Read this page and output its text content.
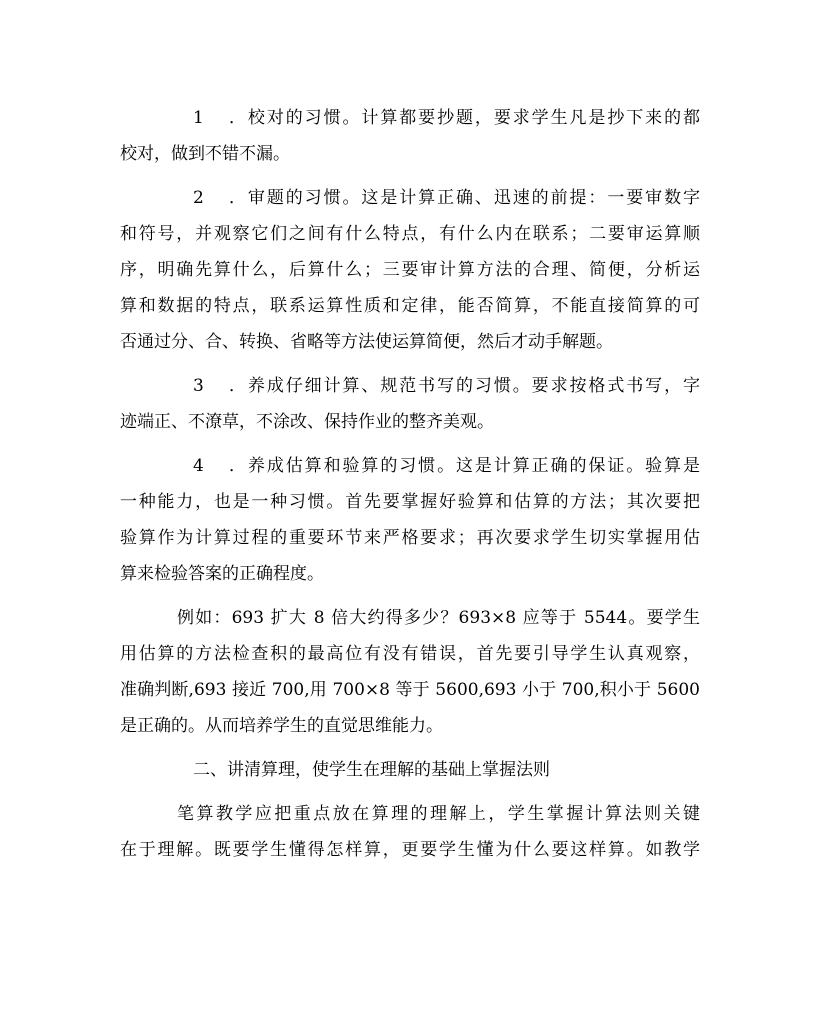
1．校对的习惯。计算都要抄题，要求学生凡是抄下来的都
校对，做到不错不漏。
2．审题的习惯。这是计算正确、迅速的前提：一要审数字
和符号，并观察它们之间有什么特点，有什么内在联系；二要审运算顺
序，明确先算什么，后算什么；三要审计算方法的合理、简便，分析运
算和数据的特点，联系运算性质和定律，能否简算，不能直接简算的可
否通过分、合、转换、省略等方法使运算简便，然后才动手解题。
3．养成仔细计算、规范书写的习惯。要求按格式书写，字
迹端正、不潦草，不涂改、保持作业的整齐美观。
4．养成估算和验算的习惯。这是计算正确的保证。验算是
一种能力，也是一种习惯。首先要掌握好验算和估算的方法；其次要把
验算作为计算过程的重要环节来严格要求；再次要求学生切实掌握用估
算来检验答案的正确程度。
例如：693 扩大 8 倍大约得多少？693×8 应等于 5544。要学生
用估算的方法检查积的最高位有没有错误，首先要引导学生认真观察，
准确判断,693 接近 700,用 700×8 等于 5600,693 小于 700,积小于 5600
是正确的。从而培养学生的直觉思维能力。
二、讲清算理，使学生在理解的基础上掌握法则
笔算教学应把重点放在算理的理解上，学生掌握计算法则关键
在于理解。既要学生懂得怎样算，更要学生懂为什么要这样算。如教学
